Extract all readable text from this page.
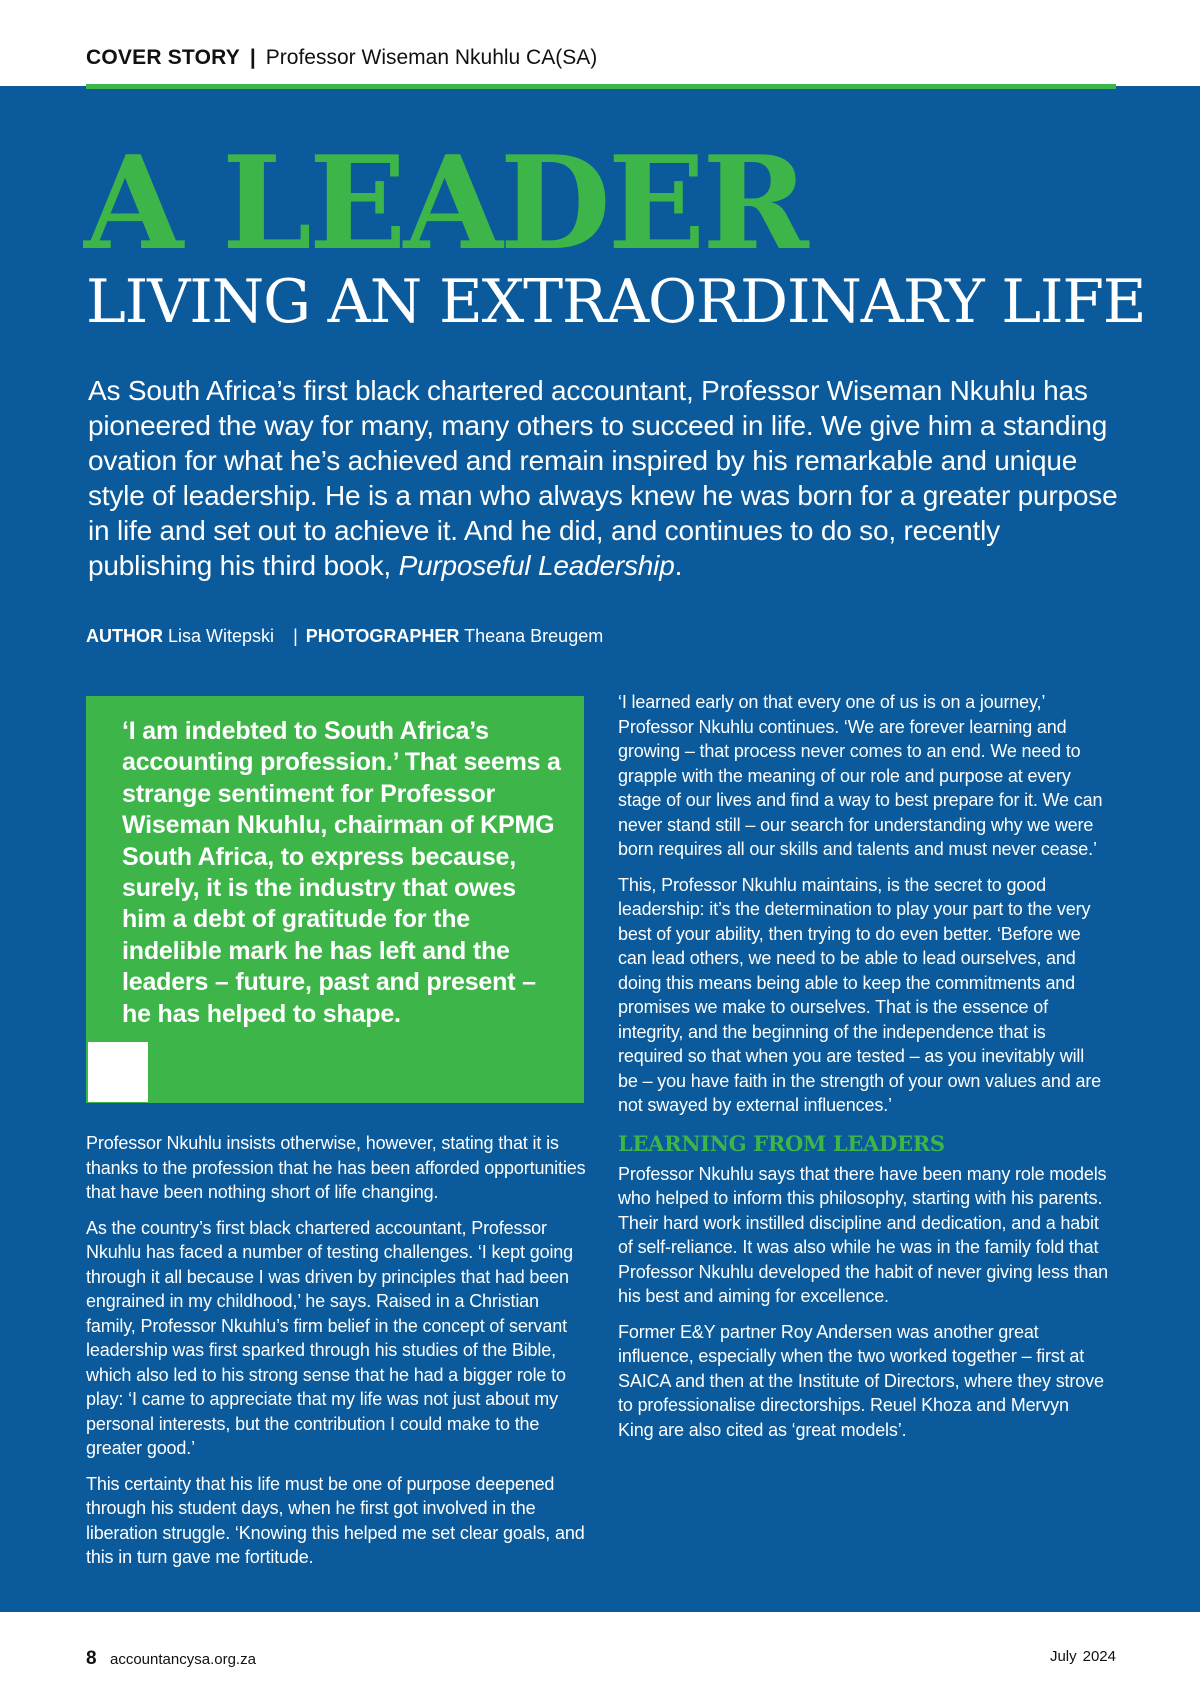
COVER STORY | Professor Wiseman Nkuhlu CA(SA)
A LEADER
LIVING AN EXTRAORDINARY LIFE
As South Africa’s first black chartered accountant, Professor Wiseman Nkuhlu has pioneered the way for many, many others to succeed in life. We give him a standing ovation for what he’s achieved and remain inspired by his remarkable and unique style of leadership. He is a man who always knew he was born for a greater purpose in life and set out to achieve it. And he did, and continues to do so, recently publishing his third book, Purposeful Leadership.
AUTHOR Lisa Witepski | PHOTOGRAPHER Theana Breugem
‘I am indebted to South Africa’s accounting profession.’ That seems a strange sentiment for Professor Wiseman Nkuhlu, chairman of KPMG South Africa, to express because, surely, it is the industry that owes him a debt of gratitude for the indelible mark he has left and the leaders – future, past and present – he has helped to shape.

Professor Nkuhlu insists otherwise, however, stating that it is thanks to the profession that he has been afforded opportunities that have been nothing short of life changing.

As the country’s first black chartered accountant, Professor Nkuhlu has faced a number of testing challenges. ‘I kept going through it all because I was driven by principles that had been engrained in my childhood,’ he says. Raised in a Christian family, Professor Nkuhlu’s firm belief in the concept of servant leadership was first sparked through his studies of the Bible, which also led to his strong sense that he had a bigger role to play: ‘I came to appreciate that my life was not just about my personal interests, but the contribution I could make to the greater good.’

This certainty that his life must be one of purpose deepened through his student days, when he first got involved in the liberation struggle. ‘Knowing this helped me set clear goals, and this in turn gave me fortitude.

‘I learned early on that every one of us is on a journey,’ Professor Nkuhlu continues. ‘We are forever learning and growing – that process never comes to an end. We need to grapple with the meaning of our role and purpose at every stage of our lives and find a way to best prepare for it. We can never stand still – our search for understanding why we were born requires all our skills and talents and must never cease.’

This, Professor Nkuhlu maintains, is the secret to good leadership: it’s the determination to play your part to the very best of your ability, then trying to do even better. ‘Before we can lead others, we need to be able to lead ourselves, and doing this means being able to keep the commitments and promises we make to ourselves. That is the essence of integrity, and the beginning of the independence that is required so that when you are tested – as you inevitably will be – you have faith in the strength of your own values and are not swayed by external influences.’

LEARNING FROM LEADERS

Professor Nkuhlu says that there have been many role models who helped to inform this philosophy, starting with his parents. Their hard work instilled discipline and dedication, and a habit of self-reliance. It was also while he was in the family fold that Professor Nkuhlu developed the habit of never giving less than his best and aiming for excellence.

Former E&Y partner Roy Andersen was another great influence, especially when the two worked together – first at SAICA and then at the Institute of Directors, where they strove to professionalise directorships. Reuel Khoza and Mervyn King are also cited as ‘great models’.

8 accountancysa.org.za	July 2024
